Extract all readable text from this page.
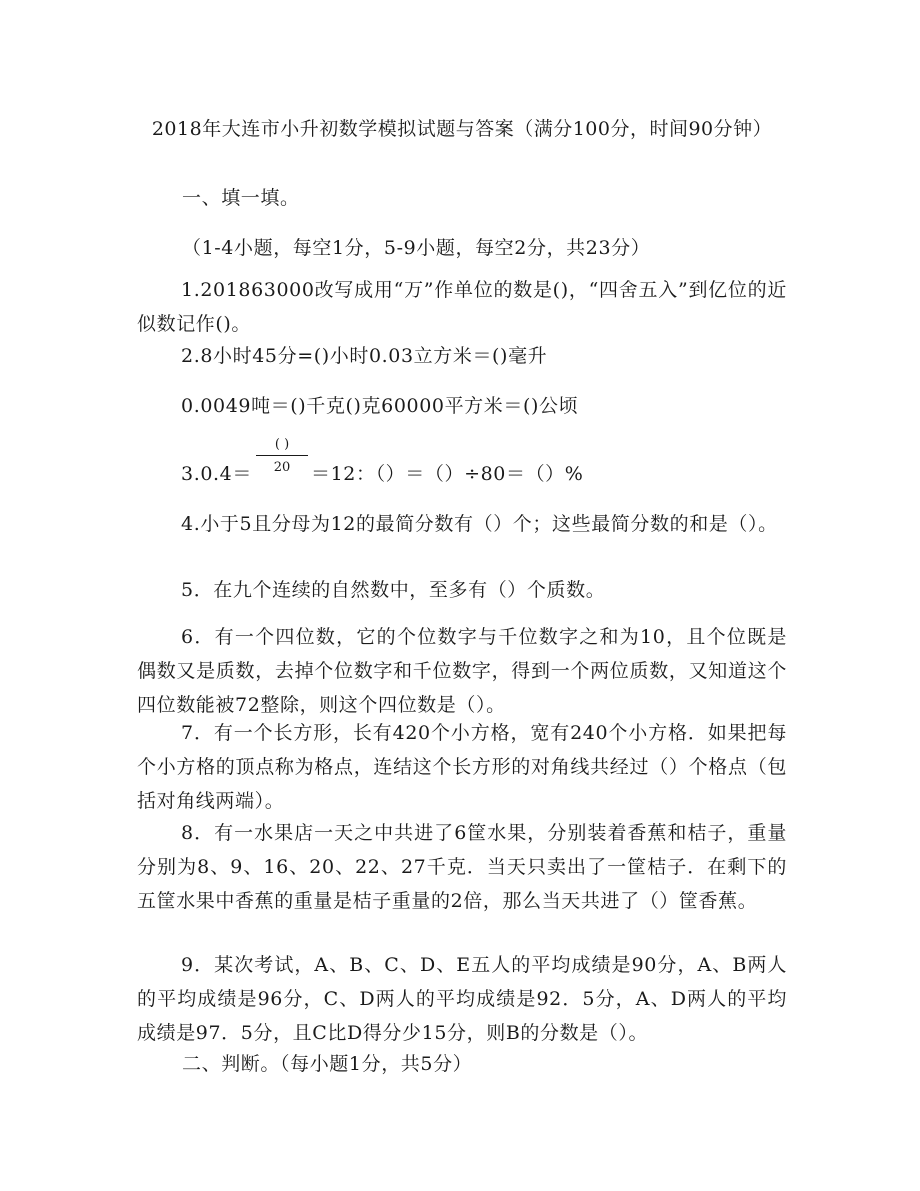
2018年大连市小升初数学模拟试题与答案（满分100分，时间90分钟）
一、填一填。
（1-4小题，每空1分，5-9小题，每空2分，共23分）
1.201863000改写成用“万”作单位的数是()，“四舍五入”到亿位的近似数记作()。
2.8小时45分=()小时0.03立方米＝()毫升
0.0049吨＝()千克()克60000平方米＝()公顷
( )
20
3.0.4＝	＝12：（）＝（）÷80＝（）%
4.小于5且分母为12的最简分数有（）个；这些最简分数的和是（）。
5．在九个连续的自然数中，至多有（）个质数。
6．有一个四位数，它的个位数字与千位数字之和为10，且个位既是偶数又是质数，去掉个位数字和千位数字，得到一个两位质数，又知道这个四位数能被72整除，则这个四位数是（）。
7．有一个长方形，长有420个小方格，宽有240个小方格．如果把每个小方格的顶点称为格点，连结这个长方形的对角线共经过（）个格点（包括对角线两端）。
8．有一水果店一天之中共进了6筐水果，分别装着香蕉和桔子，重量分别为8、9、16、20、22、27千克．当天只卖出了一筐桔子．在剩下的五筐水果中香蕉的重量是桔子重量的2倍，那么当天共进了（）筐香蕉。
9．某次考试，A、B、C、D、E五人的平均成绩是90分，A、B两人的平均成绩是96分，C、D两人的平均成绩是92．5分，A、D两人的平均成绩是97．5分，且C比D得分少15分，则B的分数是（）。
二、判断。（每小题1分，共5分）
